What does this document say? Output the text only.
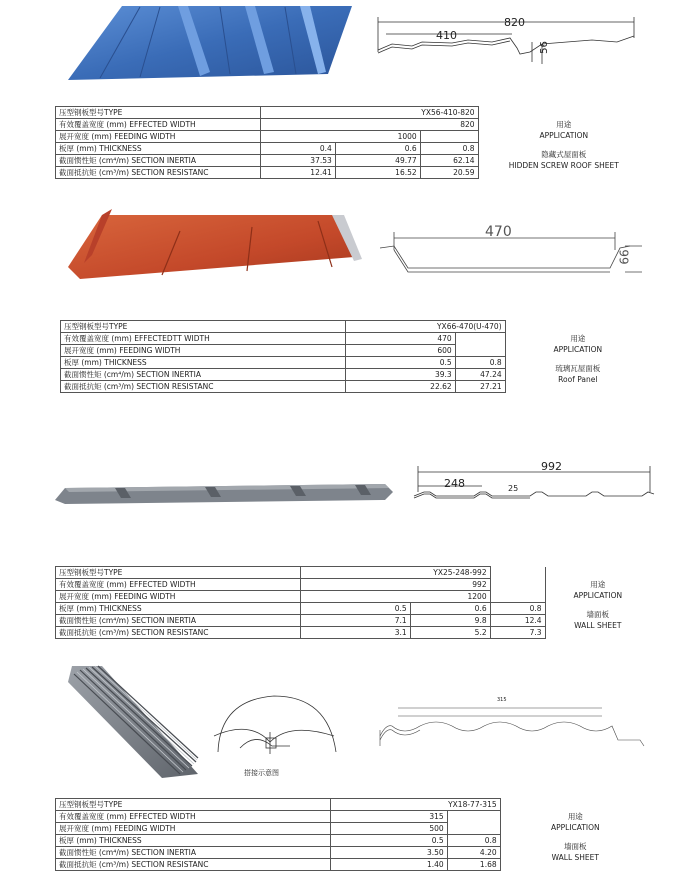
820
410
56
压型钢板型号TYPE	YX56-410-820			
有效覆盖宽度 (mm) EFFECTED WIDTH	820			用途
APPLICATION
展开宽度 (mm) FEEDING WIDTH	1000			
板厚 (mm) THICKNESS	0.4	0.6	0.8	隐藏式屋面板
HIDDEN SCREW ROOF SHEET
截面惯性矩 (cm⁴/m) SECTION INERTIA	37.53	49.77	62.14	
截面抵抗矩 (cm³/m) SECTION RESISTANC	12.41	16.52	20.59	
470
66
压型钢板型号TYPE	YX66-470(U-470)		
有效覆盖宽度 (mm) EFFECTEDTT WIDTH	470		用途
APPLICATION
展开宽度 (mm) FEEDING WIDTH	600		
板厚 (mm) THICKNESS	0.5	0.8	琉璃瓦屋面板
Roof Panel
截面惯性矩 (cm⁴/m) SECTION INERTIA	39.3	47.24	
截面抵抗矩 (cm³/m) SECTION RESISTANC	22.62	27.21	
992
248	25
压型钢板型号TYPE	YX25-248-992			
有效覆盖宽度 (mm) EFFECTED WIDTH	992			用途
APPLICATION
展开宽度 (mm) FEEDING WIDTH	1200			
板厚 (mm) THICKNESS	0.5	0.6	0.8	墙面板
WALL SHEET
截面惯性矩 (cm⁴/m) SECTION INERTIA	7.1	9.8	12.4	
截面抵抗矩 (cm³/m) SECTION RESISTANC	3.1	5.2	7.3	
搭接示意图
315
压型钢板型号TYPE	YX18-77-315		
有效覆盖宽度 (mm) EFFECTED WIDTH	315		用途
APPLICATION
展开宽度 (mm) FEEDING WIDTH	500		
板厚 (mm) THICKNESS	0.5	0.8	墙面板
WALL SHEET
截面惯性矩 (cm⁴/m) SECTION INERTIA	3.50	4.20	
截面抵抗矩 (cm³/m) SECTION RESISTANC	1.40	1.68	
